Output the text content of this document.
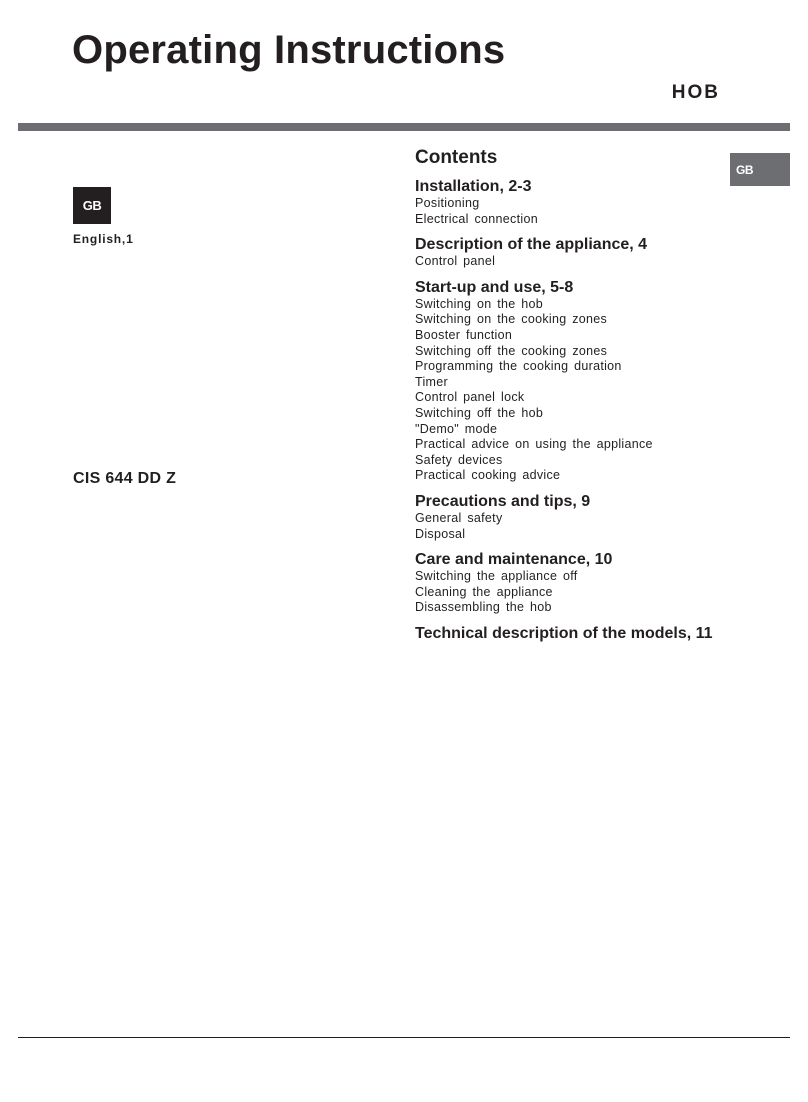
Operating Instructions
HOB
GB
English,1
CIS 644 DD Z
GB
Contents
Installation, 2-3
Positioning
Electrical connection
Description of the appliance, 4
Control panel
Start-up and use, 5-8
Switching on the hob
Switching on the cooking zones
Booster function
Switching off the cooking zones
Programming the cooking duration
Timer
Control panel lock
Switching off the hob
"Demo" mode
Practical advice on using the appliance
Safety devices
Practical cooking advice
Precautions and tips, 9
General safety
Disposal
Care and maintenance, 10
Switching the appliance off
Cleaning the appliance
Disassembling the hob
Technical description of the models, 11
